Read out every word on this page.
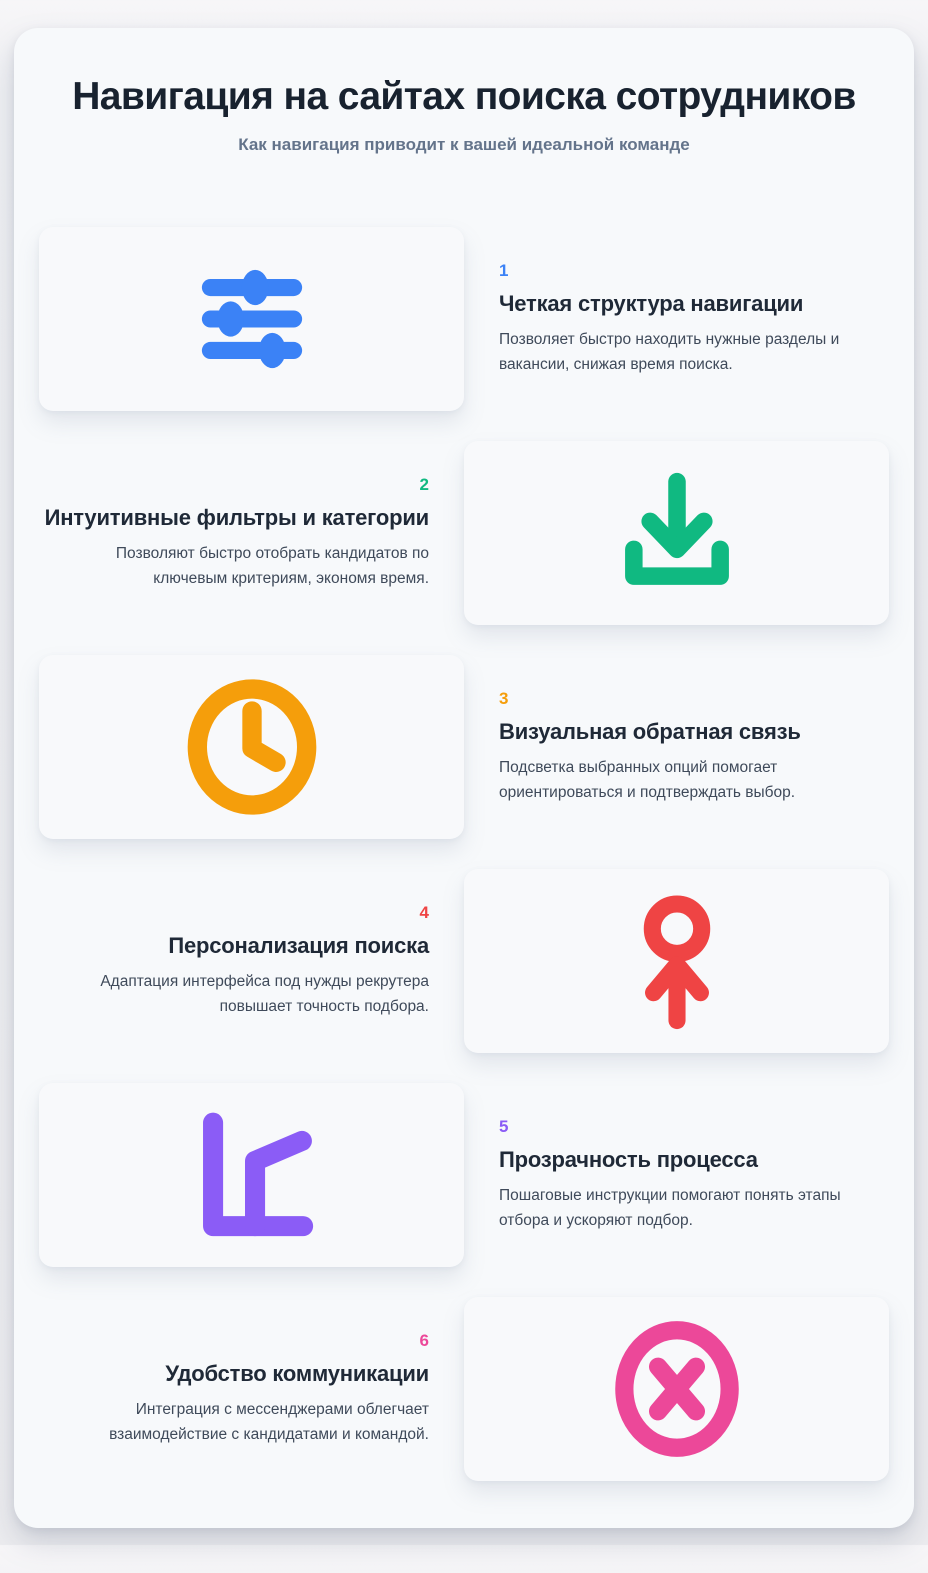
Навигация на сайтах поиска сотрудников
Как навигация приводит к вашей идеальной команде
1
Четкая структура навигации

Позволяет быстро находить нужные разделы и вакансии, снижая время поиска.

2
Интуитивные фильтры и категории

Позволяют быстро отобрать кандидатов по ключевым критериям, экономя время.

3
Визуальная обратная связь

Подсветка выбранных опций помогает ориентироваться и подтверждать выбор.

4
Персонализация поиска

Адаптация интерфейса под нужды рекрутера повышает точность подбора.

5
Прозрачность процесса

Пошаговые инструкции помогают понять этапы отбора и ускоряют подбор.

6
Удобство коммуникации

Интеграция с мессенджерами облегчает взаимодействие с кандидатами и командой.
